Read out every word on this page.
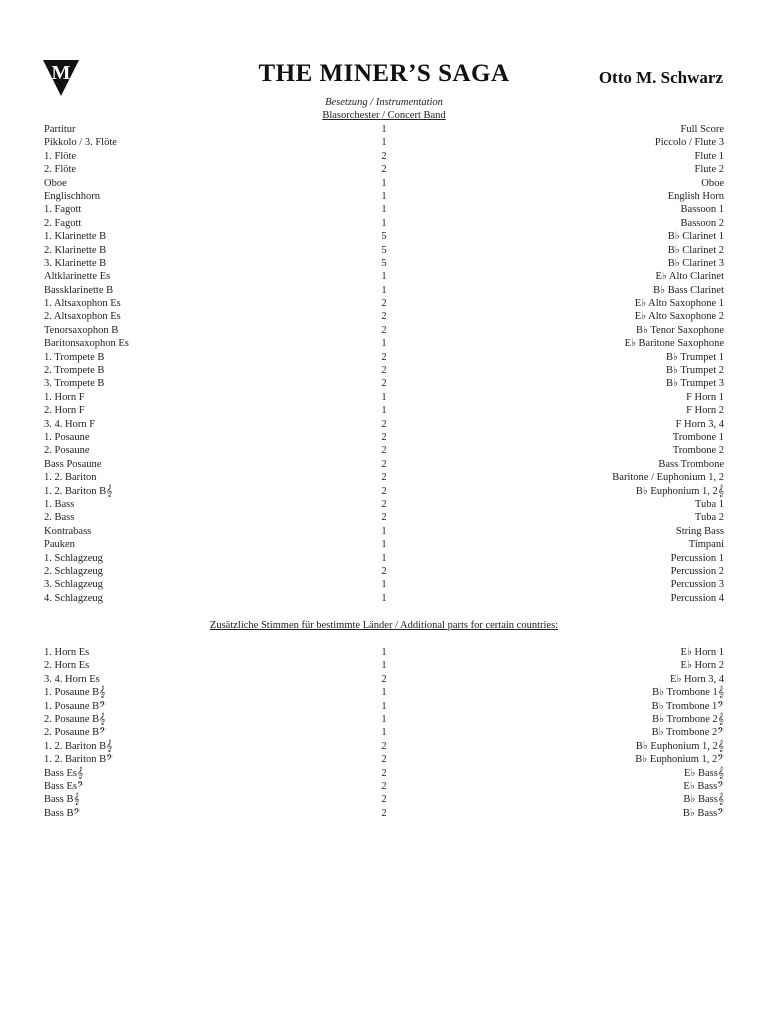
M	THE MINER’S SAGA	Otto M. Schwarz
Besetzung / Instrumentation
Blasorchester / Concert Band
Partitur	1	Full Score
Pikkolo / 3. Flöte	1	Piccolo / Flute 3
1. Flöte	2	Flute 1
2. Flöte	2	Flute 2
Oboe	1	Oboe
Englischhorn	1	English Horn
1. Fagott	1	Bassoon 1
2. Fagott	1	Bassoon 2
1. Klarinette B	5	B♭ Clarinet 1
2. Klarinette B	5	B♭ Clarinet 2
3. Klarinette B	5	B♭ Clarinet 3
Altklarinette Es	1	E♭ Alto Clarinet
Bassklarinette B	1	B♭ Bass Clarinet
1. Altsaxophon Es	2	E♭ Alto Saxophone 1
2. Altsaxophon Es	2	E♭ Alto Saxophone 2
Tenorsaxophon B	2	B♭ Tenor Saxophone
Baritonsaxophon Es	1	E♭ Baritone Saxophone
1. Trompete B	2	B♭ Trumpet 1
2. Trompete B	2	B♭ Trumpet 2
3. Trompete B	2	B♭ Trumpet 3
1. Horn F	1	F Horn 1
2. Horn F	1	F Horn 2
3. 4. Horn F	2	F Horn 3, 4
1. Posaune	2	Trombone 1
2. Posaune	2	Trombone 2
Bass Posaune	2	Bass Trombone
1. 2. Bariton	2	Baritone / Euphonium 1, 2
1. 2. Bariton B𝄞	2	B♭ Euphonium 1, 2𝄞
1. Bass	2	Tuba 1
2. Bass	2	Tuba 2
Kontrabass	1	String Bass
Pauken	1	Timpani
1. Schlagzeug	1	Percussion 1
2. Schlagzeug	2	Percussion 2
3. Schlagzeug	1	Percussion 3
4. Schlagzeug	1	Percussion 4
Zusätzliche Stimmen für bestimmte Länder / Additional parts for certain countries:
1. Horn Es	1	E♭ Horn 1
2. Horn Es	1	E♭ Horn 2
3. 4. Horn Es	2	E♭ Horn 3, 4
1. Posaune B𝄞	1	B♭ Trombone 1𝄞
1. Posaune B𝄢	1	B♭ Trombone 1𝄢
2. Posaune B𝄞	1	B♭ Trombone 2𝄞
2. Posaune B𝄢	1	B♭ Trombone 2𝄢
1. 2. Bariton B𝄞	2	B♭ Euphonium 1, 2𝄞
1. 2. Bariton B𝄢	2	B♭ Euphonium 1, 2𝄢
Bass Es𝄞	2	E♭ Bass𝄞
Bass Es𝄢	2	E♭ Bass𝄢
Bass B𝄞	2	B♭ Bass𝄞
Bass B𝄢	2	B♭ Bass𝄢
